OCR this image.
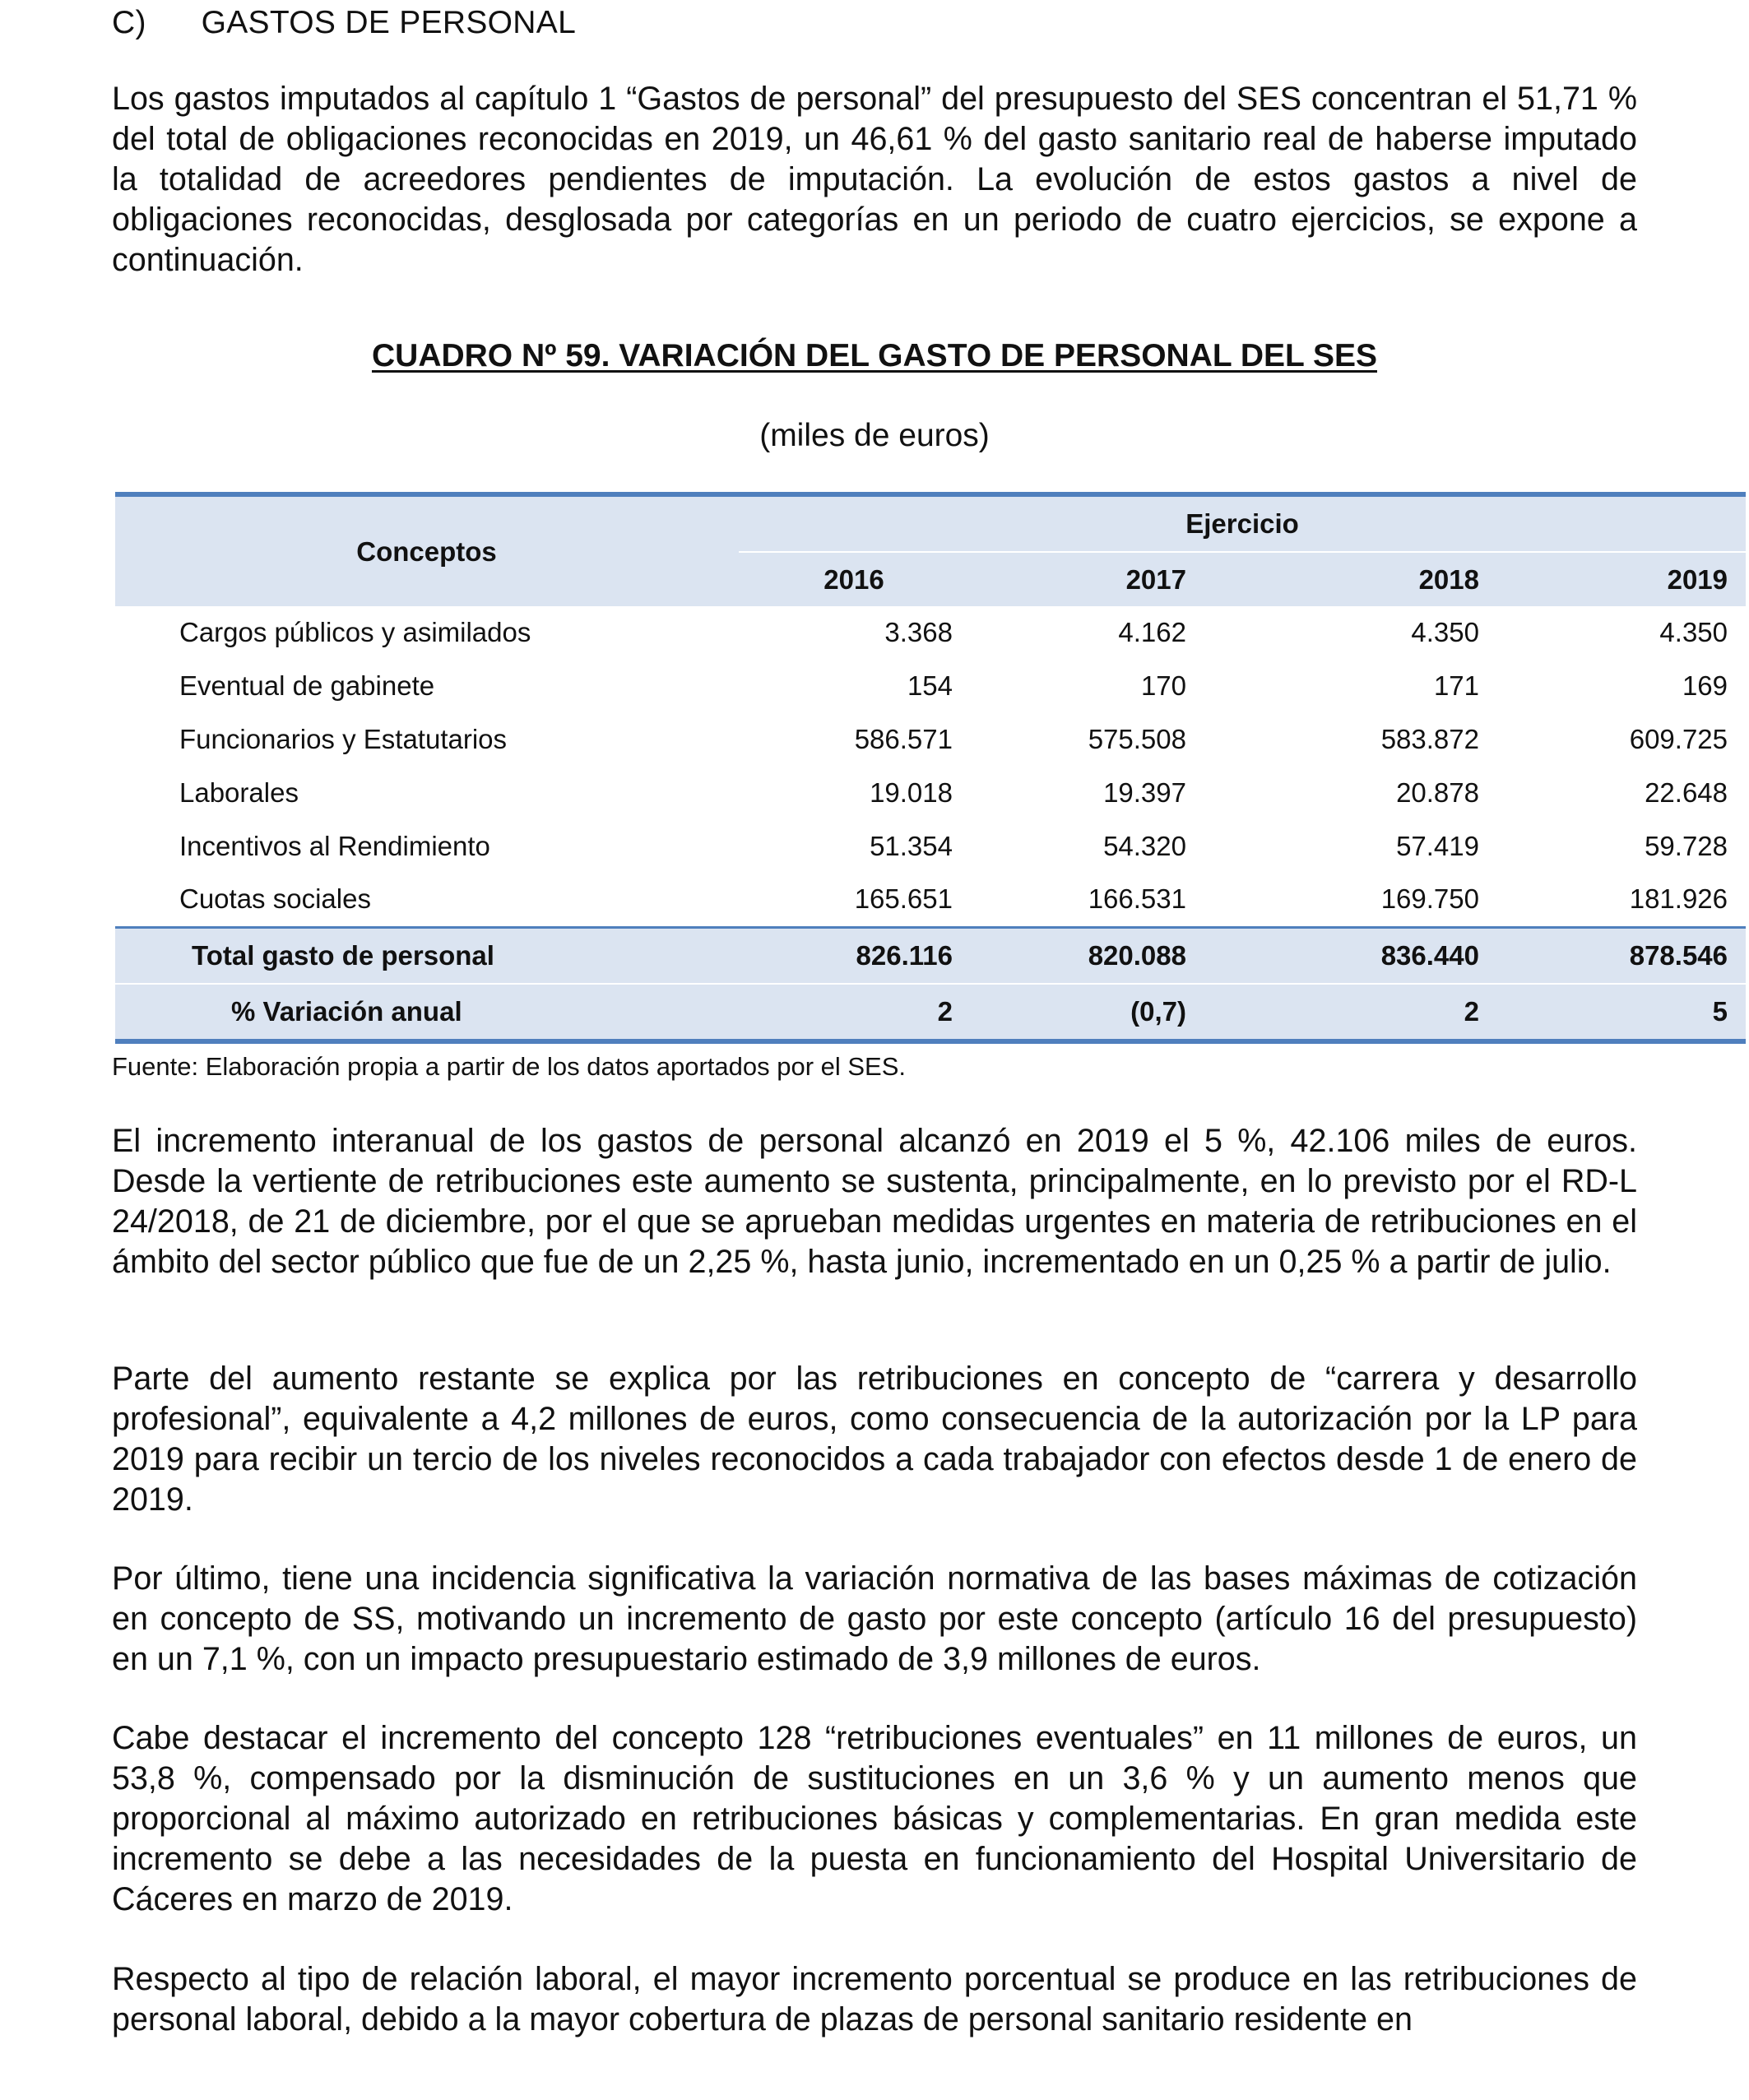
C) GASTOS DE PERSONAL

Los gastos imputados al capítulo 1 “Gastos de personal” del presupuesto del SES concentran el 51,71 % del total de obligaciones reconocidas en 2019, un 46,61 % del gasto sanitario real de haberse imputado la totalidad de acreedores pendientes de imputación. La evolución de estos gastos a nivel de obligaciones reconocidas, desglosada por categorías en un periodo de cuatro ejercicios, se expone a continuación.

CUADRO Nº 59. VARIACIÓN DEL GASTO DE PERSONAL DEL SES
(miles de euros)
Conceptos	Ejercicio			
	2016	2017	2018	2019
Cargos públicos y asimilados	3.368	4.162	4.350	4.350
Eventual de gabinete	154	170	171	169
Funcionarios y Estatutarios	586.571	575.508	583.872	609.725
Laborales	19.018	19.397	20.878	22.648
Incentivos al Rendimiento	51.354	54.320	57.419	59.728
Cuotas sociales	165.651	166.531	169.750	181.926
Total gasto de personal	826.116	820.088	836.440	878.546
% Variación anual	2	(0,7)	2	5
Fuente: Elaboración propia a partir de los datos aportados por el SES.

El incremento interanual de los gastos de personal alcanzó en 2019 el 5 %, 42.106 miles de euros. Desde la vertiente de retribuciones este aumento se sustenta, principalmente, en lo previsto por el RD-L 24/2018, de 21 de diciembre, por el que se aprueban medidas urgentes en materia de retribuciones en el ámbito del sector público que fue de un 2,25 %, hasta junio, incrementado en un 0,25 % a partir de julio.

Parte del aumento restante se explica por las retribuciones en concepto de “carrera y desarrollo profesional”, equivalente a 4,2 millones de euros, como consecuencia de la autorización por la LP para 2019 para recibir un tercio de los niveles reconocidos a cada trabajador con efectos desde 1 de enero de 2019.

Por último, tiene una incidencia significativa la variación normativa de las bases máximas de cotización en concepto de SS, motivando un incremento de gasto por este concepto (artículo 16 del presupuesto) en un 7,1 %, con un impacto presupuestario estimado de 3,9 millones de euros.

Cabe destacar el incremento del concepto 128 “retribuciones eventuales” en 11 millones de euros, un 53,8 %, compensado por la disminución de sustituciones en un 3,6 % y un aumento menos que proporcional al máximo autorizado en retribuciones básicas y complementarias. En gran medida este incremento se debe a las necesidades de la puesta en funcionamiento del Hospital Universitario de Cáceres en marzo de 2019.

Respecto al tipo de relación laboral, el mayor incremento porcentual se produce en las retribuciones de personal laboral, debido a la mayor cobertura de plazas de personal sanitario residente en
